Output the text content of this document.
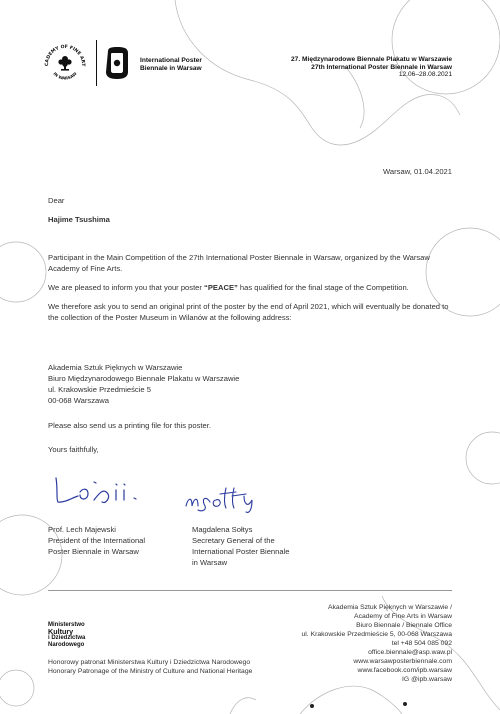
CADEMY OF FINE ART
IN WARSAW
International Poster
Biennale in Warsaw
27. Międzynarodowe Biennale Plakatu w Warszawie
27th International Poster Biennale in Warsaw
12.06–28.08.2021
Warsaw, 01.04.2021
Dear
Hajime Tsushima

Participant in the Main Competition of the 27th International Poster Biennale in Warsaw, organized by the Warsaw Academy of Fine Arts.

We are pleased to inform you that your poster “PEACE” has qualified for the final stage of the Competition.

We therefore ask you to send an original print of the poster by the end of April 2021, which will eventually be donated to the collection of the Poster Museum in Wilanów at the following address:

Akademia Sztuk Pięknych w Warszawie
Biuro Międzynarodowego Biennale Plakatu w Warszawie
ul. Krakowskie Przedmieście 5
00-068 Warszawa
Please also send us a printing file for this poster.
Yours faithfully,
Prof. Lech Majewski
President of the International
Poster Biennale in Warsaw
Magdalena Sołtys
Secretary General of the
International Poster Biennale
in Warsaw
Ministerstwo
Kultury
i Dziedzictwa
Narodowego
Honorowy patronat Ministerstwa Kultury i Dziedzictwa Narodowego
Honorary Patronage of the Ministry of Culture and National Heritage
Akademia Sztuk Pięknych w Warszawie /
Academy of Fine Arts in Warsaw
Biuro Biennale / Biennale Office
ul. Krakowskie Przedmieście 5, 00-068 Warszawa
tel +48 504 085 092
office.biennale@asp.waw.pl
www.warsawposterbiennale.com
www.facebook.com/ipb.warsaw
IG @ipb.warsaw
